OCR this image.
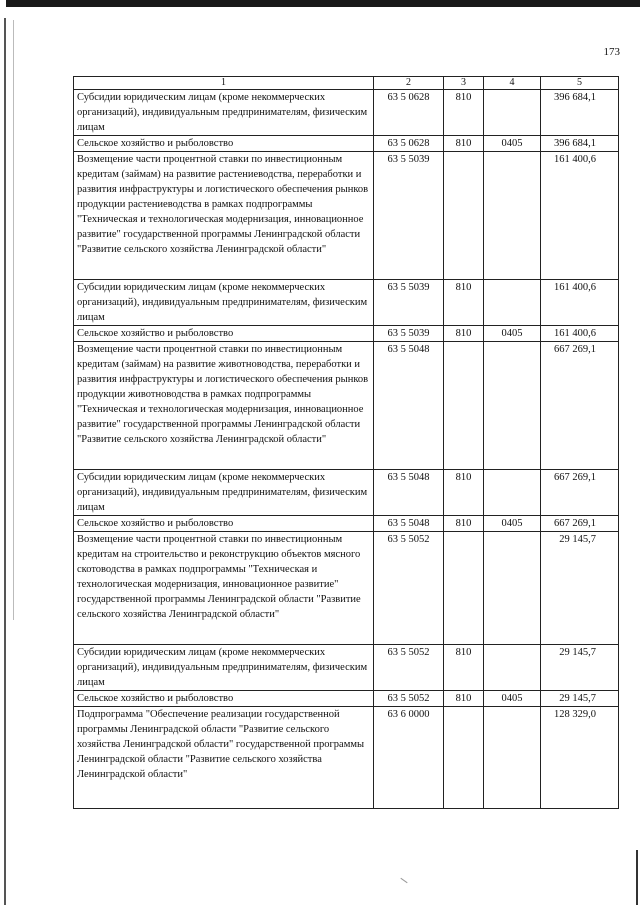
173
1	2	3	4	5
Субсидии юридическим лицам (кроме некоммерческих организаций), индивидуальным предпринимателям, физическим лицам	63 5 0628	810		396 684,1
Сельское хозяйство и рыболовство	63 5 0628	810	0405	396 684,1
Возмещение части процентной ставки по инвестиционным кредитам (займам) на развитие растениеводства, переработки и развития инфраструктуры и логистического обеспечения рынков продукции растениеводства в рамках подпрограммы "Техническая и технологическая модернизация, инновационное развитие" государственной программы Ленинградской области "Развитие сельского хозяйства Ленинградской области"	63 5 5039			161 400,6
Субсидии юридическим лицам (кроме некоммерческих организаций), индивидуальным предпринимателям, физическим лицам	63 5 5039	810		161 400,6
Сельское хозяйство и рыболовство	63 5 5039	810	0405	161 400,6
Возмещение части процентной ставки по инвестиционным кредитам (займам) на развитие животноводства, переработки и развития инфраструктуры и логистического обеспечения рынков продукции животноводства в рамках подпрограммы "Техническая и технологическая модернизация, инновационное развитие" государственной программы Ленинградской области "Развитие сельского хозяйства Ленинградской области"	63 5 5048			667 269,1
Субсидии юридическим лицам (кроме некоммерческих организаций), индивидуальным предпринимателям, физическим лицам	63 5 5048	810		667 269,1
Сельское хозяйство и рыболовство	63 5 5048	810	0405	667 269,1
Возмещение части процентной ставки по инвестиционным кредитам на строительство и реконструкцию объектов мясного скотоводства в рамках подпрограммы "Техническая и технологическая модернизация, инновационное развитие" государственной программы Ленинградской области "Развитие сельского хозяйства Ленинградской области"	63 5 5052			29 145,7
Субсидии юридическим лицам (кроме некоммерческих организаций), индивидуальным предпринимателям, физическим лицам	63 5 5052	810		29 145,7
Сельское хозяйство и рыболовство	63 5 5052	810	0405	29 145,7
Подпрограмма "Обеспечение реализации государственной программы Ленинградской области "Развитие сельского хозяйства Ленинградской области" государственной программы Ленинградской области "Развитие сельского хозяйства Ленинградской области"	63 6 0000			128 329,0
